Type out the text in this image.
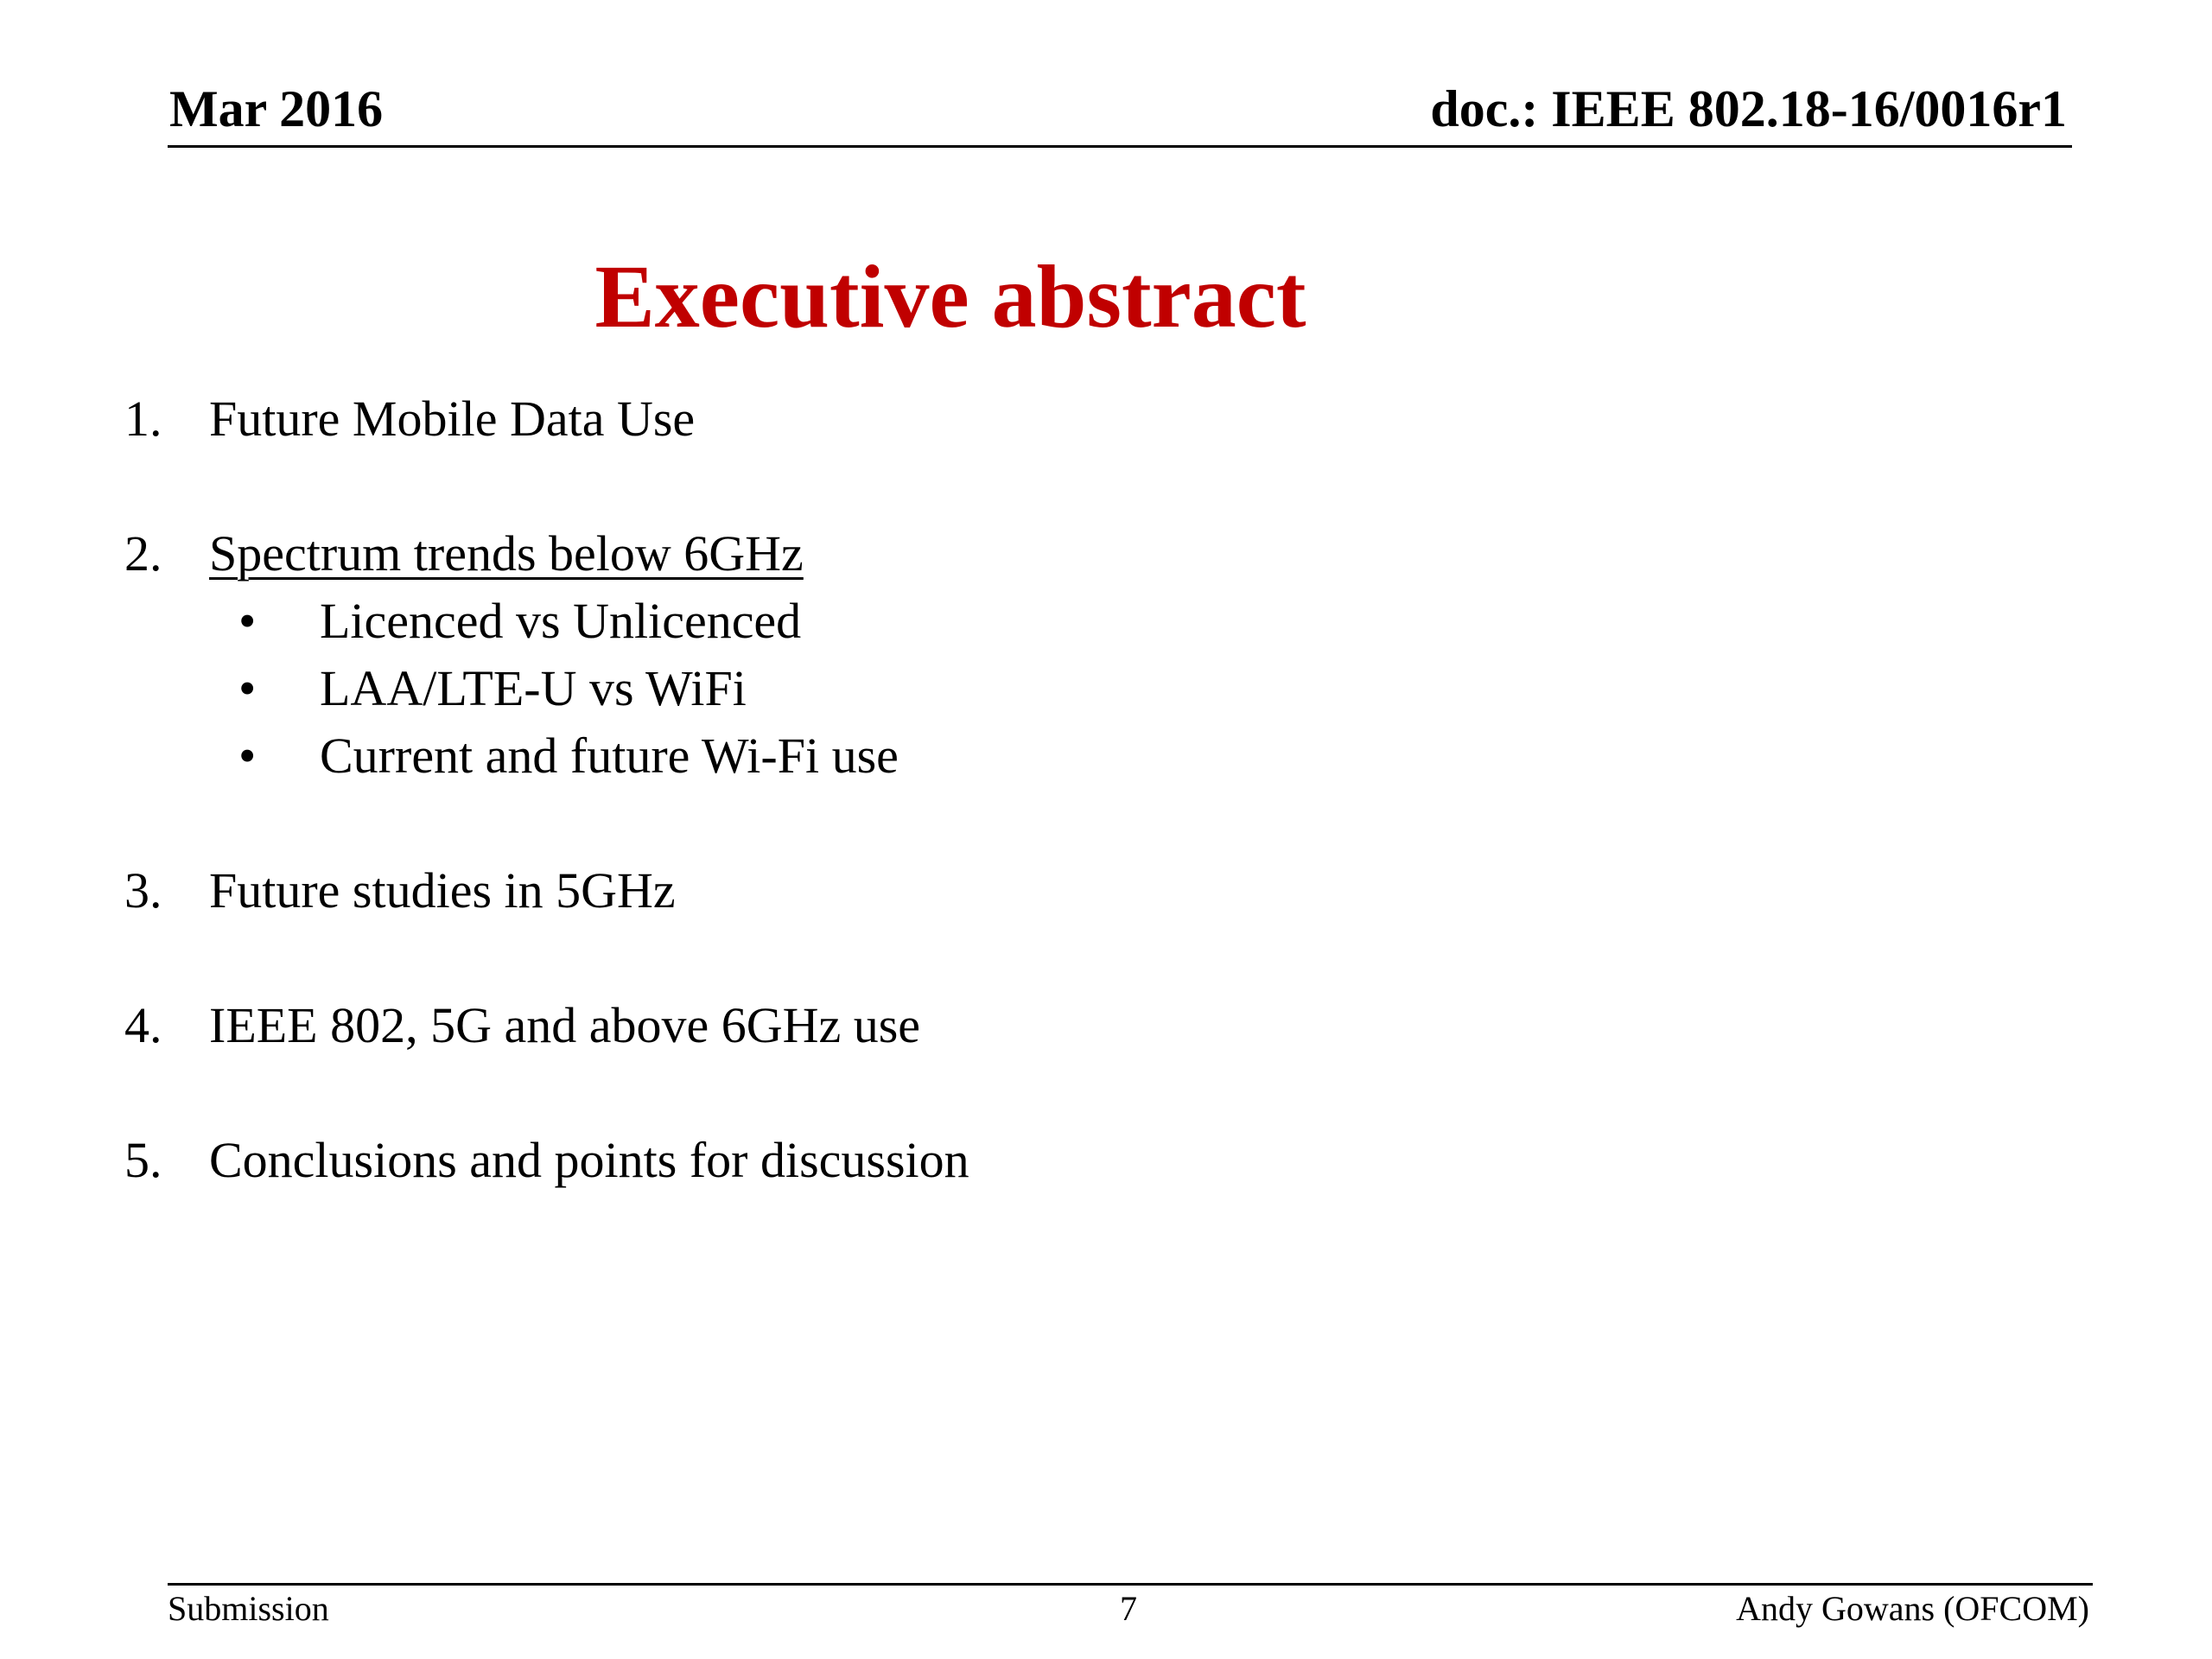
Mar 2016	doc.: IEEE 802.18-16/0016r1
Executive abstract
1. Future Mobile Data Use
2. Spectrum trends below 6GHz
• Licenced vs Unlicenced
• LAA/LTE-U vs WiFi
• Current and future Wi-Fi use
3. Future studies in 5GHz
4. IEEE 802, 5G and above 6GHz use
5. Conclusions and points for discussion
Submission	7	Andy Gowans (OFCOM)
